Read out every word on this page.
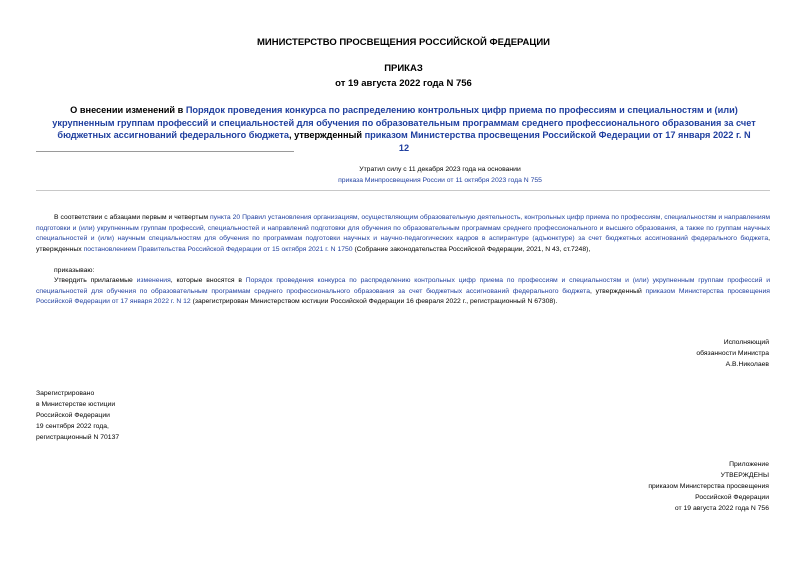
МИНИСТЕРСТВО ПРОСВЕЩЕНИЯ РОССИЙСКОЙ ФЕДЕРАЦИИ
ПРИКАЗ
от 19 августа 2022 года N 756
О внесении изменений в Порядок проведения конкурса по распределению контрольных цифр приема по профессиям и специальностям и (или) укрупненным группам профессий и специальностей для обучения по образовательным программам среднего профессионального образования за счет бюджетных ассигнований федерального бюджета, утвержденный приказом Министерства просвещения Российской Федерации от 17 января 2022 г. N 12
Утратил силу с 11 декабря 2023 года на основании
приказа Минпросвещения России от 11 октября 2023 года N 755
В соответствии с абзацами первым и четвертым пункта 20 Правил установления организациям, осуществляющим образовательную деятельность, контрольных цифр приема по профессиям, специальностям и направлениям подготовки и (или) укрупненным группам профессий, специальностей и направлений подготовки для обучения по образовательным программам среднего профессионального и высшего образования, а также по группам научных специальностей и (или) научным специальностям для обучения по программам подготовки научных и научно-педагогических кадров в аспирантуре (адъюнктуре) за счет бюджетных ассигнований федерального бюджета, утвержденных постановлением Правительства Российской Федерации от 15 октября 2021 г. N 1750 (Собрание законодательства Российской Федерации, 2021, N 43, ст.7248),
приказываю:
Утвердить прилагаемые изменения, которые вносятся в Порядок проведения конкурса по распределению контрольных цифр приема по профессиям и специальностям и (или) укрупненным группам профессий и специальностей для обучения по образовательным программам среднего профессионального образования за счет бюджетных ассигнований федерального бюджета, утвержденный приказом Министерства просвещения Российской Федерации от 17 января 2022 г. N 12 (зарегистрирован Министерством юстиции Российской Федерации 16 февраля 2022 г., регистрационный N 67308).
Исполняющий
обязанности Министра
А.В.Николаев
Зарегистрировано
в Министерстве юстиции
Российской Федерации
19 сентября 2022 года,
регистрационный N 70137
Приложение
УТВЕРЖДЕНЫ
приказом Министерства просвещения
Российской Федерации
от 19 августа 2022 года N 756
